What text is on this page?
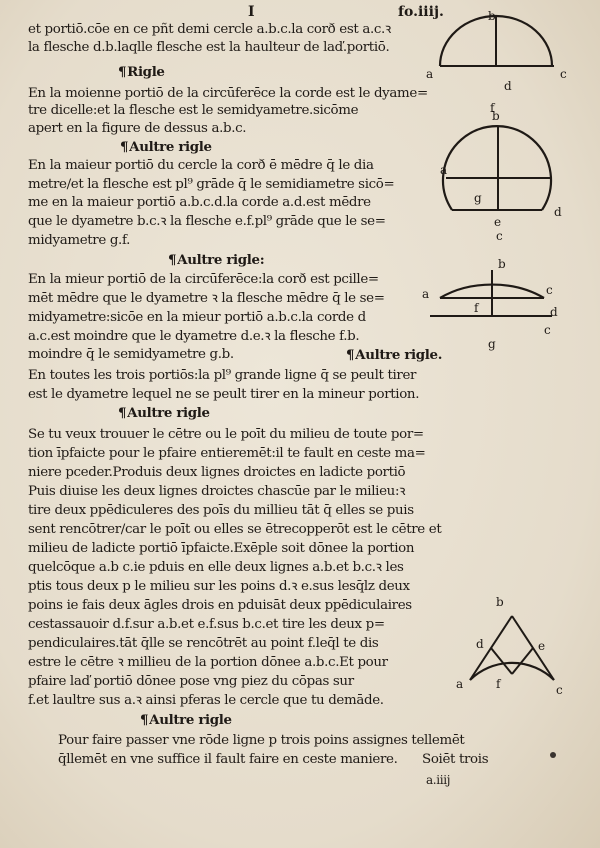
I	fo.iiij.
et portiō.cōe en ce pñt demi cercle a.b.c.la corð est a.c.ꝛ
la flesche d.b.laqlle flesche est la haulteur de laď.portiō.
¶Rigle
En la moienne portiō de la circūferēce la corde est le dyame=
tre dicelle:et la flesche est le semidyametre.sicōme
apert en la figure de dessus a.b.c.
¶Aultre rigle
En la maieur portiō du cercle la corð ē mēdre q̄ le dia
metre/et la flesche est pl⁹ grāde q̄ le semidiametre sicō=
me en la maieur portiō a.b.c.d.la corde a.d.est mēdre
que le dyametre b.c.ꝛ la flesche e.f.pl⁹ grāde que le se=
midyametre g.f.
¶Aultre rigle:
En la mieur portiō de la circūferēce:la corð est pcille=
mēt mēdre que le dyametre ꝛ la flesche mēdre q̄ le se=
midyametre:sicōe en la mieur portiō a.b.c.la corde d
a.c.est moindre que le dyametre d.e.ꝛ la flesche f.b.
moindre q̄ le semidyametre g.b.	¶Aultre rigle.
En toutes les trois portiōs:la pl⁹ grande ligne q̄ se peult tirer
est le dyametre lequel ne se peult tirer en la mineur portion.
¶Aultre rigle
Se tu veux trouuer le cētre ou le poīt du milieu de toute por=
tion īpfaicte pour le pfaire entieremēt:il te fault en ceste ma=
niere pceder.Produis deux lignes droictes en ladicte portiō
Puis diuise les deux lignes droictes chascūe par le milieu:ꝛ
tire deux ppēdiculeres des poīs du millieu tāt q̄ elles se puis
sent rencōtrer/car le poīt ou elles se ētrecopperōt est le cētre et
milieu de ladicte portiō īpfaicte.Exēple soit dōnee la portion
quelcōque a.b c.ie pduis en elle deux lignes a.b.et b.c.ꝛ les
ptis tous deux p le milieu sur les poins d.ꝛ e.sus lesq̄lz deux
poins ie fais deux āgles drois en pduisāt deux ppēdiculaires
cestassauoir d.f.sur a.b.et e.f.sus b.c.et tire les deux p=
pendiculaires.tāt q̄lle se rencōtrēt au point f.leq̄l te dis
estre le cētre ꝛ milliеu de la portion dōnee a.b.c.Et pour
pfaire laď portiō dōnee pose vng piez du cōpas sur
f.et laultre sus a.ꝛ ainsi pferas le cercle que tu demāde.
¶Aultre rigle
Pour faire passer vne rōde ligne p trois poins assignes tellemēt
q̄llemēt en vne suffice il fault faire en ceste maniere. Soiēt trois
a.iiij
b
a	c
d
b
f
a
g
d
e
c
b
a
f
c
d
c
g
b
d
c
e
a	f
